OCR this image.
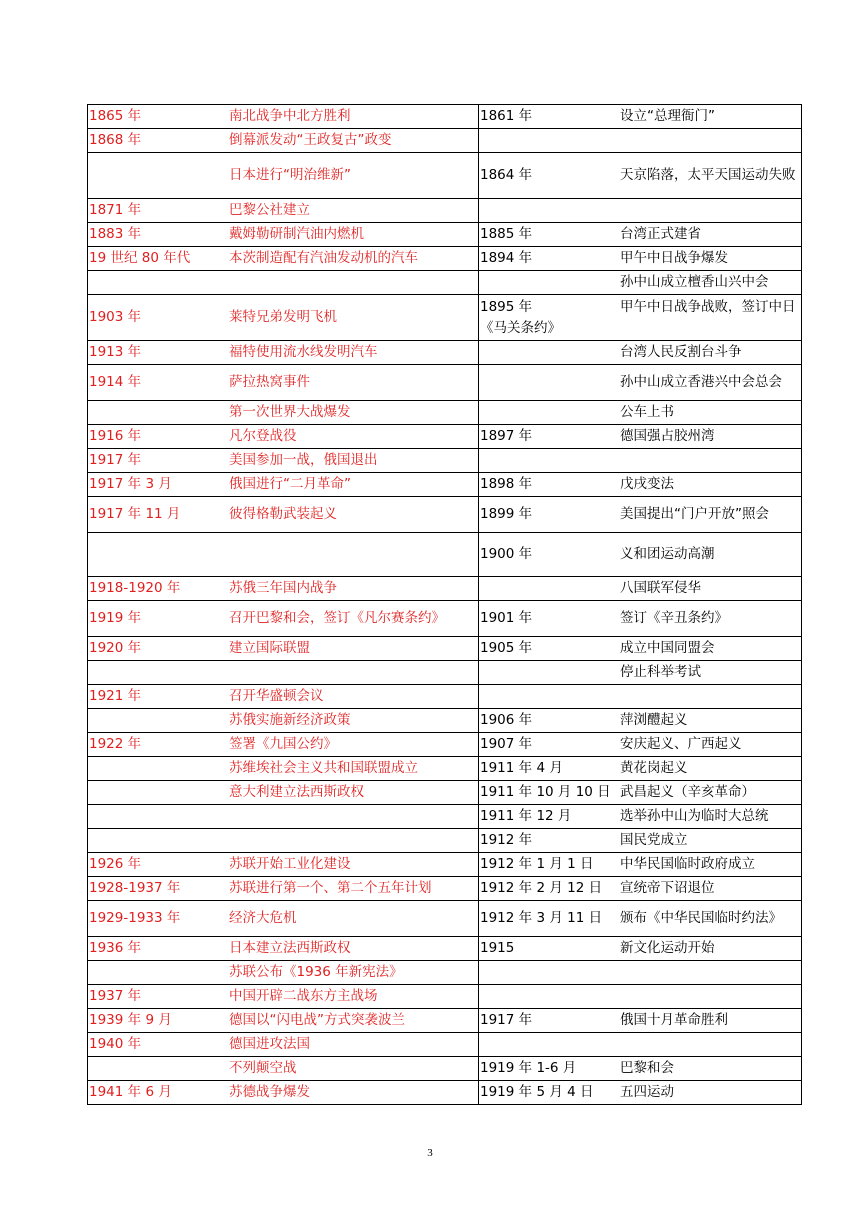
1865 年 南北战争中北方胜利	1861 年 设立“总理衙门”
1868 年 倒幕派发动“王政复古”政变	
日本进行“明治维新”	1864 年 天京陷落，太平天国运动失败

1871 年 巴黎公社建立	
1883 年 戴姆勒研制汽油内燃机	1885 年 台湾正式建省
19 世纪 80 年代 本茨制造配有汽油发动机的汽车	1894 年 甲午中日战争爆发
	孙中山成立檀香山兴中会
1903 年 莱特兄弟发明飞机	1895 年 甲午中日战争战败，签订中日《马关条约》

1913 年 福特使用流水线发明汽车	台湾人民反割台斗争
1914 年 萨拉热窝事件	孙中山成立香港兴中会总会
第一次世界大战爆发	公车上书
1916 年 凡尔登战役	1897 年 德国强占胶州湾
1917 年 美国参加一战，俄国退出	
1917 年 3 月 俄国进行“二月革命”	1898 年 戊戌变法
1917 年 11 月 彼得格勒武装起义	1899 年 美国提出“门户开放”照会
	1900 年 义和团运动高潮
1918-1920 年 苏俄三年国内战争	八国联军侵华
1919 年 召开巴黎和会，签订《凡尔赛条约》	1901 年 签订《辛丑条约》
1920 年 建立国际联盟	1905 年 成立中国同盟会
	停止科举考试
1921 年 召开华盛顿会议	
苏俄实施新经济政策	1906 年 萍浏醴起义
1922 年 签署《九国公约》	1907 年 安庆起义、广西起义
苏维埃社会主义共和国联盟成立	1911 年 4 月 黄花岗起义
意大利建立法西斯政权	1911 年 10 月 10 日 武昌起义（辛亥革命）
	1911 年 12 月 选举孙中山为临时大总统
	1912 年 国民党成立
1926 年 苏联开始工业化建设	1912 年 1 月 1 日 中华民国临时政府成立
1928-1937 年 苏联进行第一个、第二个五年计划	1912 年 2 月 12 日 宣统帝下诏退位
1929-1933 年 经济大危机	1912 年 3 月 11 日 颁布《中华民国临时约法》
1936 年 日本建立法西斯政权	1915 新文化运动开始
苏联公布《1936 年新宪法》	
1937 年 中国开辟二战东方主战场	
1939 年 9 月 德国以“闪电战”方式突袭波兰	1917 年 俄国十月革命胜利
1940 年 德国进攻法国	
不列颠空战	1919 年 1-6 月 巴黎和会
1941 年 6 月 苏德战争爆发	1919 年 5 月 4 日 五四运动
3
